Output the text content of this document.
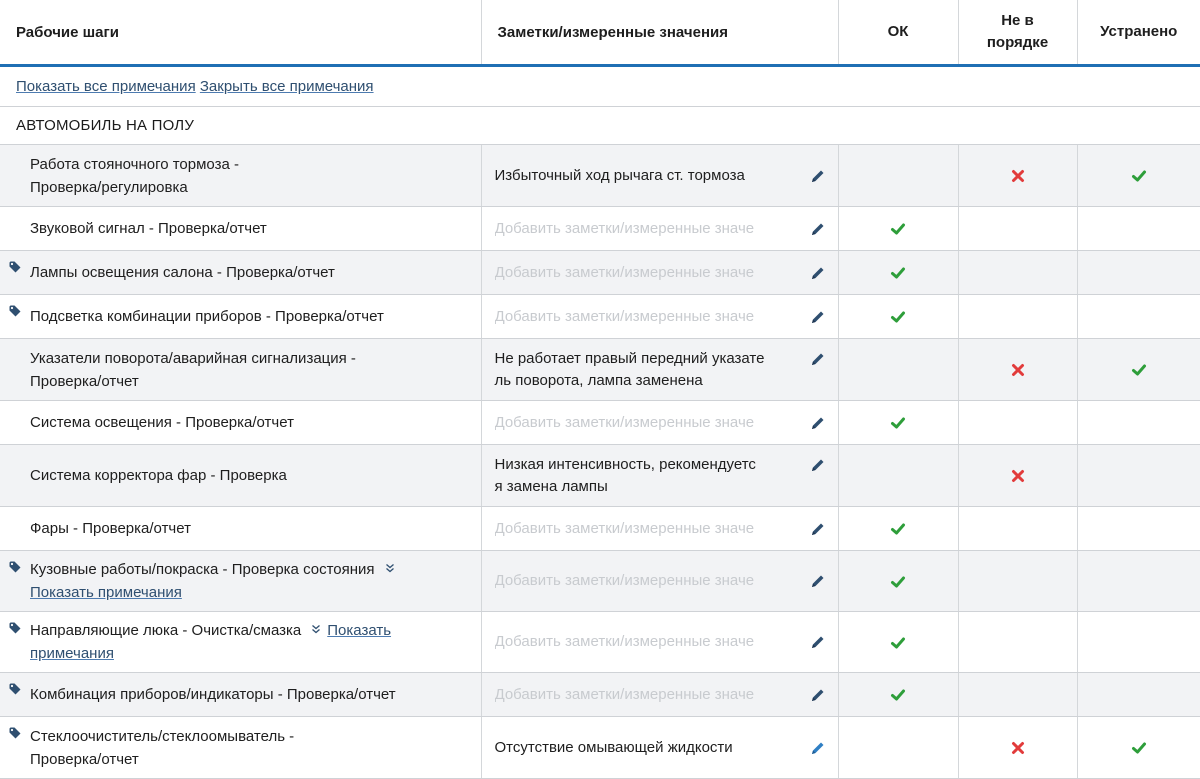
Рабочие шаги	Заметки/измеренные значения	ОК	Не в
порядке	Устранено
Показать все примечания Закрыть все примечания				
АВТОМОБИЛЬ НА ПОЛУ				
Работа стояночного тормоза -
Проверка/регулировка	Избыточный ход рычага ст. тормоза

Звуковой сигнал - Проверка/отчет	Добавить заметки/измеренные значе

Лампы освещения салона - Проверка/отчет	Добавить заметки/измеренные значе

Подсветка комбинации приборов - Проверка/отчет	Добавить заметки/измеренные значе

Указатели поворота/аварийная сигнализация -
Проверка/отчет	Не работает правый передний указате
ль поворота, лампа заменена

Система освещения - Проверка/отчет	Добавить заметки/измеренные значе

Система корректора фар - Проверка	Низкая интенсивность, рекомендуетс
я замена лампы

Фары - Проверка/отчет	Добавить заметки/измеренные значе

Кузовные работы/покраска - Проверка состояния
Показать примечания	Добавить заметки/измеренные значе

Направляющие люка - Очистка/смазка Показать
примечания	Добавить заметки/измеренные значе

Комбинация приборов/индикаторы - Проверка/отчет	Добавить заметки/измеренные значе

Стеклоочиститель/стеклоомыватель -
Проверка/отчет	Отсутствие омывающей жидкости
